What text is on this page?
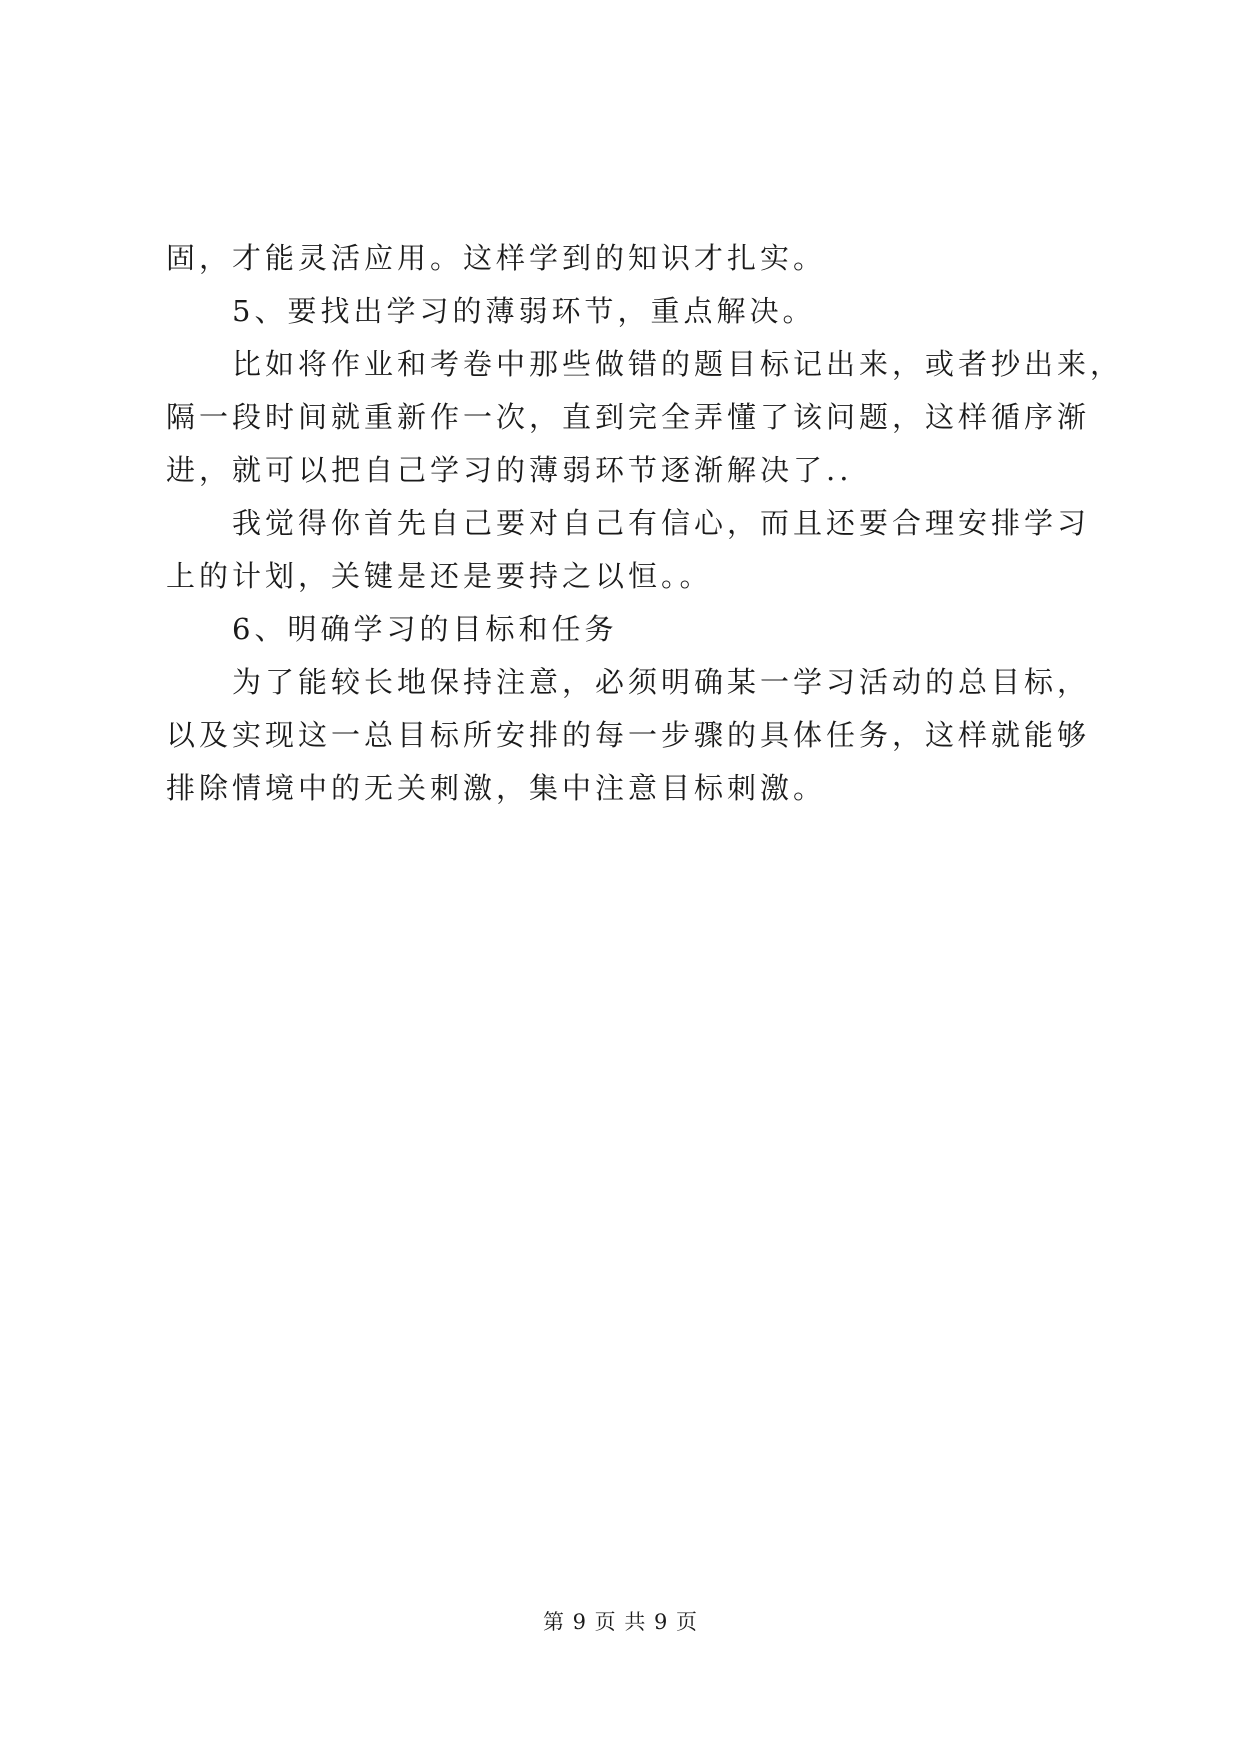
固，才能灵活应用。这样学到的知识才扎实。
5、要找出学习的薄弱环节，重点解决。
比如将作业和考卷中那些做错的题目标记出来，或者抄出来，
隔一段时间就重新作一次，直到完全弄懂了该问题，这样循序渐
进，就可以把自己学习的薄弱环节逐渐解决了..
我觉得你首先自己要对自己有信心，而且还要合理安排学习
上的计划，关键是还是要持之以恒。。
6、明确学习的目标和任务
为了能较长地保持注意，必须明确某一学习活动的总目标，
以及实现这一总目标所安排的每一步骤的具体任务，这样就能够
排除情境中的无关刺激，集中注意目标刺激。
第 9 页 共 9 页
